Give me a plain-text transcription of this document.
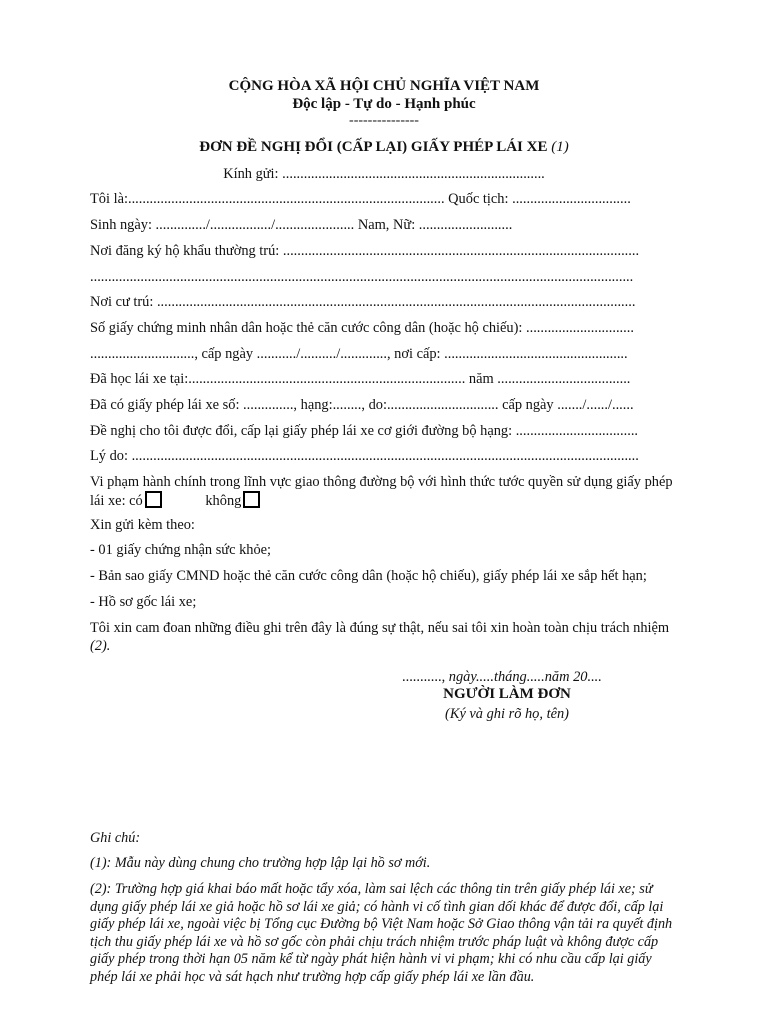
CỘNG HÒA XÃ HỘI CHỦ NGHĨA VIỆT NAM
Độc lập - Tự do - Hạnh phúc
---------------
ĐƠN ĐỀ NGHỊ ĐỔI (CẤP LẠI) GIẤY PHÉP LÁI XE (1)
Kính gửi: .........................................................................
Tôi là:........................................................................................ Quốc tịch: .................................
Sinh ngày: ............../................./...................... Nam, Nữ: ..........................
Nơi đăng ký hộ khẩu thường trú: ...................................................................................................
.......................................................................................................................................................
Nơi cư trú: .....................................................................................................................................
Số giấy chứng minh nhân dân hoặc thẻ căn cước công dân (hoặc hộ chiếu): ..............................
............................., cấp ngày .........../........../............., nơi cấp: ...................................................
Đã học lái xe tại:............................................................................. năm .....................................
Đã có giấy phép lái xe số: .............., hạng:........, do:............................... cấp ngày ......./....../......
Đề nghị cho tôi được đổi, cấp lại giấy phép lái xe cơ giới đường bộ hạng: ..................................
Lý do: .............................................................................................................................................
Vi phạm hành chính trong lĩnh vực giao thông đường bộ với hình thức tước quyền sử dụng giấy phép lái xe: có	không
Xin gửi kèm theo:
- 01 giấy chứng nhận sức khỏe;
- Bản sao giấy CMND hoặc thẻ căn cước công dân (hoặc hộ chiếu), giấy phép lái xe sắp hết hạn;
- Hồ sơ gốc lái xe;
Tôi xin cam đoan những điều ghi trên đây là đúng sự thật, nếu sai tôi xin hoàn toàn chịu trách nhiệm (2).
..........., ngày.....tháng.....năm 20....
NGƯỜI LÀM ĐƠN
(Ký và ghi rõ họ, tên)
Ghi chú:
(1): Mẫu này dùng chung cho trường hợp lập lại hồ sơ mới.
(2): Trường hợp giá khai báo mất hoặc tẩy xóa, làm sai lệch các thông tin trên giấy phép lái xe; sử dụng giấy phép lái xe giả hoặc hồ sơ lái xe giả; có hành vi cố tình gian dối khác để được đổi, cấp lại giấy phép lái xe, ngoài việc bị Tổng cục Đường bộ Việt Nam hoặc Sở Giao thông vận tải ra quyết định tịch thu giấy phép lái xe và hồ sơ gốc còn phải chịu trách nhiệm trước pháp luật và không được cấp giấy phép trong thời hạn 05 năm kể từ ngày phát hiện hành vi vi phạm; khi có nhu cầu cấp lại giấy phép lái xe phải học và sát hạch như trường hợp cấp giấy phép lái xe lần đầu.
